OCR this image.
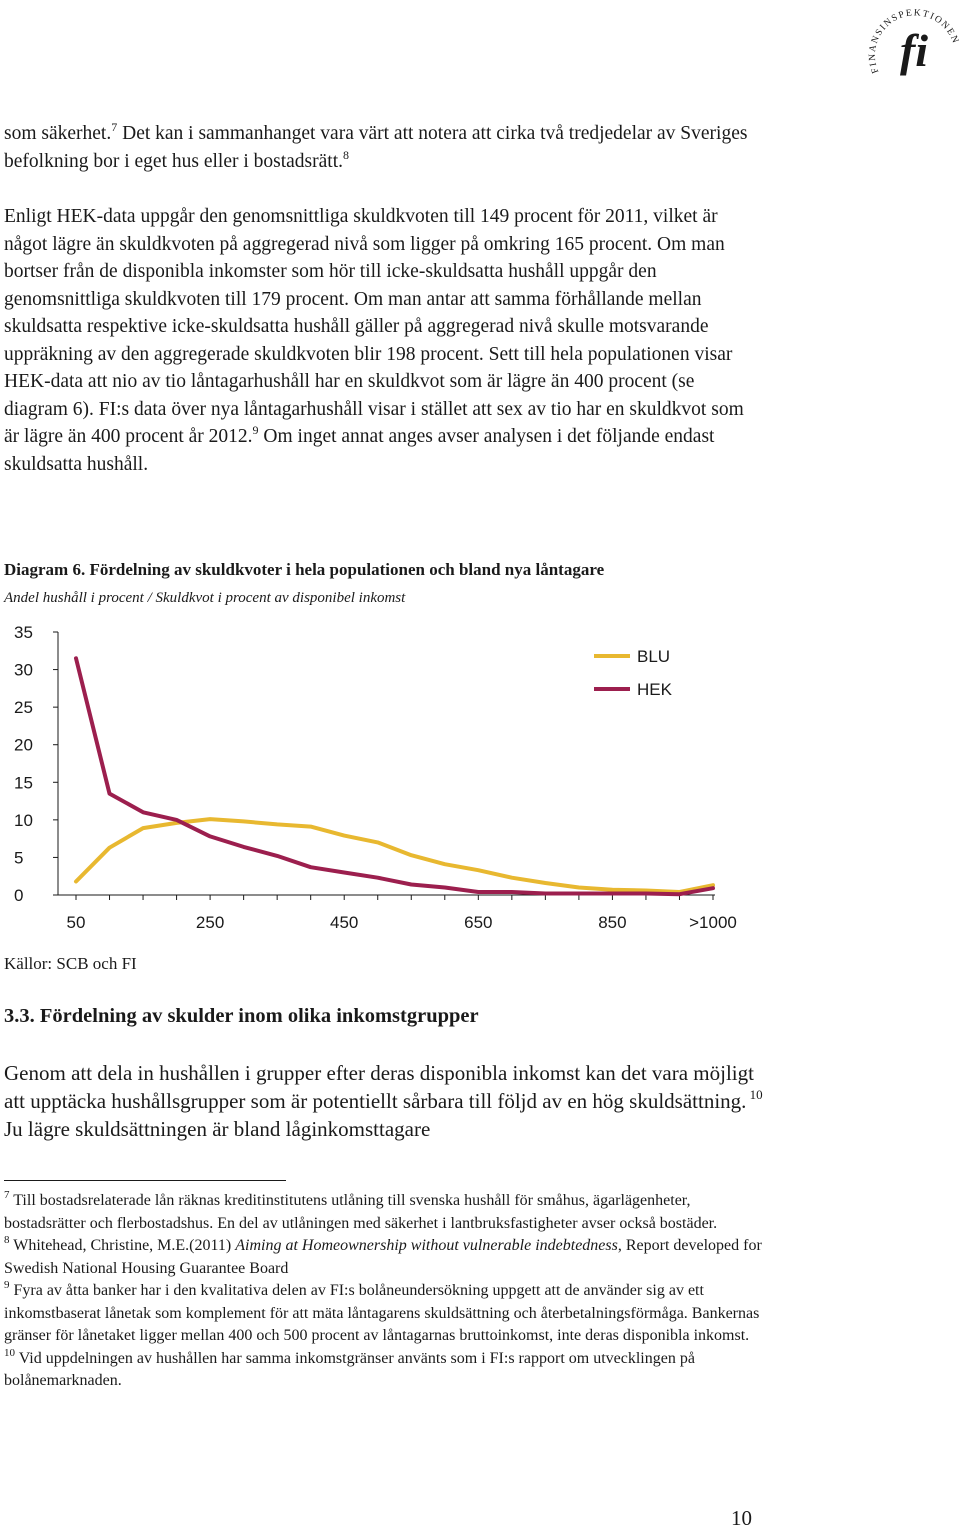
FINANSINSPEKTIONEN
fi
som säkerhet.$^7$ Det kan i sammanhanget vara värt att notera att cirka två tredjedelar av Sveriges befolkning bor i eget hus eller i bostadsrätt.$^8$
Enligt HEK-data uppgår den genomsnittliga skuldkvoten till 149 procent för 2011, vilket är något lägre än skuldkvoten på aggregerad nivå som ligger på omkring 165 procent. Om man bortser från de disponibla inkomster som hör till icke-skuldsatta hushåll uppgår den genomsnittliga skuldkvoten till 179 procent. Om man antar att samma förhållande mellan skuldsatta respektive icke-skuldsatta hushåll gäller på aggregerad nivå skulle motsvarande uppräkning av den aggregerade skuldkvoten blir 198 procent. Sett till hela populationen visar HEK-data att nio av tio låntagarhushåll har en skuldkvot som är lägre än 400 procent (se diagram 6). FI:s data över nya låntagarhushåll visar i stället att sex av tio har en skuldkvot som är lägre än 400 procent år 2012.$^9$ Om inget annat anges avser analysen i det följande endast skuldsatta hushåll.
Diagram 6. Fördelning av skuldkvoter i hela populationen och bland nya låntagare
Andel hushåll i procent / Skuldkvot i procent av disponibel inkomst
0
5
10
15
20
25
30
35
50	250	450	650	850	>1000
BLU
HEK
Källor: SCB och FI
3.3. Fördelning av skulder inom olika inkomstgrupper
Genom att dela in hushållen i grupper efter deras disponibla inkomst kan det vara möjligt att upptäcka hushållsgrupper som är potentiellt sårbara till följd av en hög skuldsättning. $^{10}$ Ju lägre skuldsättningen är bland låginkomsttagare

$^7$ Till bostadsrelaterade lån räknas kreditinstitutens utlåning till svenska hushåll för småhus, ägarlägenheter, bostadsrätter och flerbostadshus. En del av utlåningen med säkerhet i lantbruksfastigheter avser också bostäder.

$^8$ Whitehead, Christine, M.E.(2011) Aiming at Homeownership without vulnerable indebtedness, Report developed for Swedish National Housing Guarantee Board

$^9$ Fyra av åtta banker har i den kvalitativa delen av FI:s bolåneundersökning uppgett att de använder sig av ett inkomstbaserat lånetak som komplement för att mäta låntagarens skuldsättning och återbetalningsförmåga. Bankernas gränser för lånetaket ligger mellan 400 och 500 procent av låntagarnas bruttoinkomst, inte deras disponibla inkomst.

$^{10}$ Vid uppdelningen av hushållen har samma inkomstgränser använts som i FI:s rapport om utvecklingen på bolånemarknaden.

10
